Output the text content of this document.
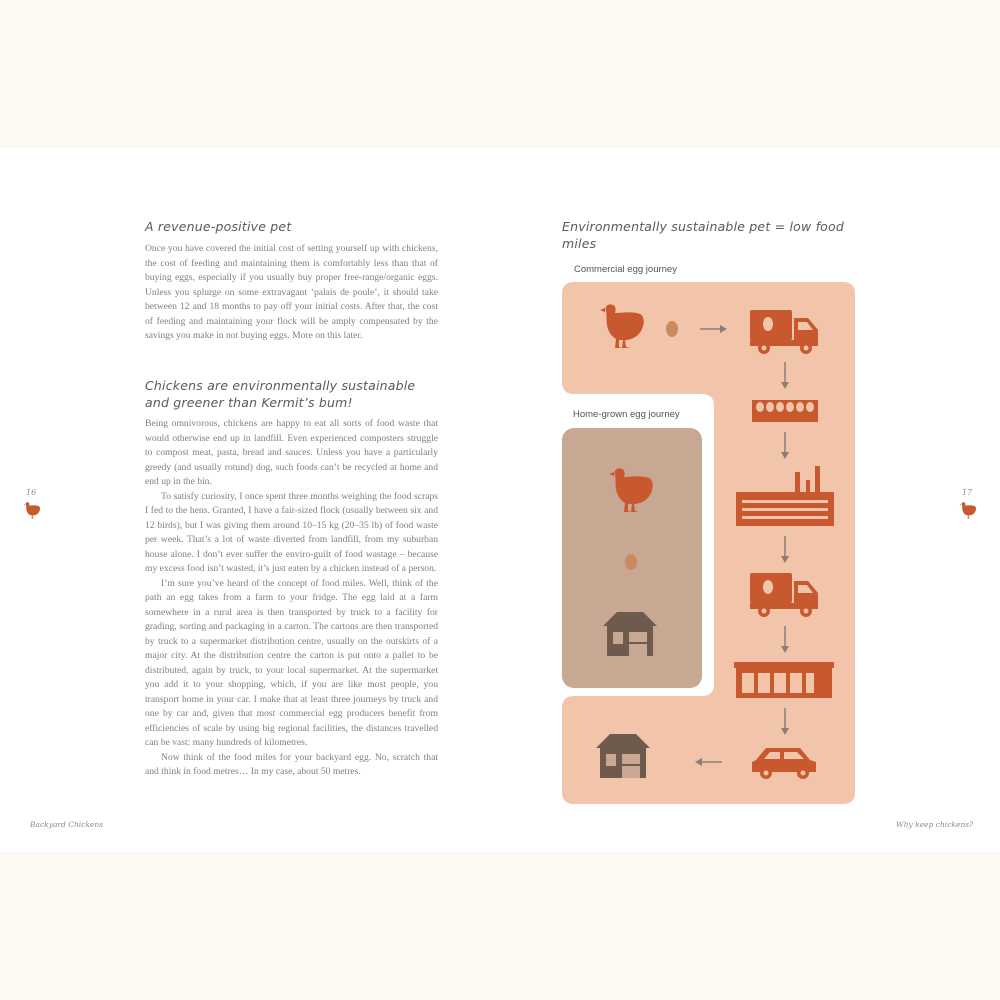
A revenue-positive pet

Once you have covered the initial cost of setting yourself up with chickens, the cost of feeding and maintaining them is comfortably less than that of buying eggs, especially if you usually buy proper free-range/organic eggs. Unless you splurge on some extravagant ‘palais de poule’, it should take between 12 and 18 months to pay off your initial costs. After that, the cost of feeding and maintaining your flock will be amply compensated by the savings you make in not buying eggs. More on this later.

Chickens are environmentally sustainable
and greener than Kermit’s bum!

Being omnivorous, chickens are happy to eat all sorts of food waste that would otherwise end up in landfill. Even experienced composters struggle to compost meat, pasta, bread and sauces. Unless you have a particularly greedy (and usually rotund) dog, such foods can’t be recycled at home and end up in the bin.

To satisfy curiosity, I once spent three months weighing the food scraps I fed to the hens. Granted, I have a fair-sized flock (usually between six and 12 birds), but I was giving them around 10–15 kg (20–35 lb) of food waste per week. That’s a lot of waste diverted from landfill, from my suburban house alone. I don’t ever suffer the enviro-guilt of food wastage – because my excess food isn’t wasted, it’s just eaten by a chicken instead of a person.

I’m sure you’ve heard of the concept of food miles. Well, think of the path an egg takes from a farm to your fridge. The egg laid at a farm somewhere in a rural area is then transported by truck to a facility for grading, sorting and packaging in a carton. The cartons are then transported by truck to a supermarket distribution centre, usually on the outskirts of a major city. At the distribution centre the carton is put onto a pallet to be distributed, again by truck, to your local supermarket. At the supermarket you add it to your shopping, which, if you are like most people, you transport home in your car. I make that at least three journeys by truck and one by car and, given that most commercial egg producers benefit from efficiencies of scale by using big regional facilities, the distances travelled can be vast: many hundreds of kilometres.

Now think of the food miles for your backyard egg. No, scratch that and think in food metres… In my case, about 50 metres.

16
Backyard Chickens
Environmentally sustainable pet = low food miles
Commercial egg journey
Home-grown egg journey
17
Why keep chickens?
